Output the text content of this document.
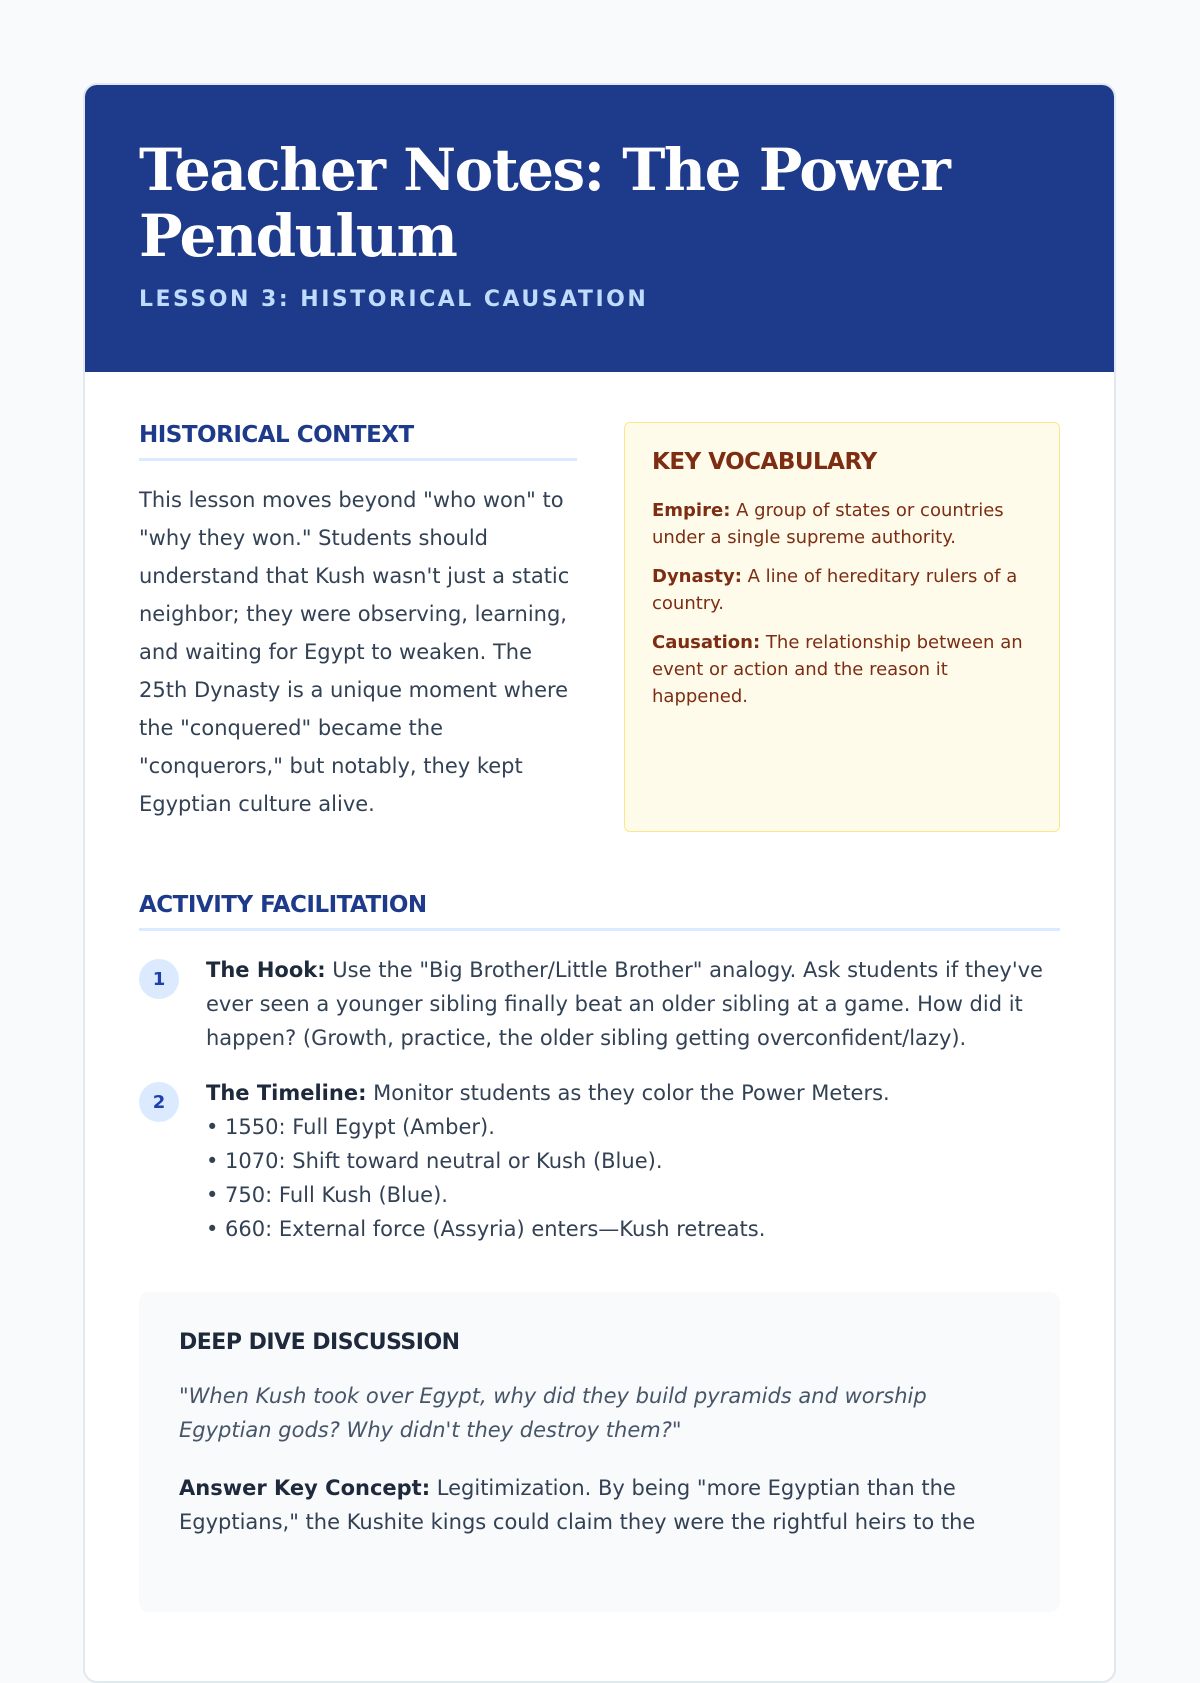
Teacher Notes: The Power Pendulum
LESSON 3: HISTORICAL CAUSATION
HISTORICAL CONTEXT
This lesson moves beyond "who won" to "why they won." Students should understand that Kush wasn't just a static neighbor; they were observing, learning, and waiting for Egypt to weaken. The 25th Dynasty is a unique moment where the "conquered" became the "conquerors," but notably, they kept Egyptian culture alive.
KEY VOCABULARY
Empire: A group of states or countries under a single supreme authority.
Dynasty: A line of hereditary rulers of a country.
Causation: The relationship between an event or action and the reason it happened.
ACTIVITY FACILITATION
1	The Hook: Use the "Big Brother/Little Brother" analogy. Ask students if they've ever seen a younger sibling finally beat an older sibling at a game. How did it happen? (Growth, practice, the older sibling getting overconfident/lazy).
2	The Timeline: Monitor students as they color the Power Meters.
• 1550: Full Egypt (Amber).
• 1070: Shift toward neutral or Kush (Blue).
• 750: Full Kush (Blue).
• 660: External force (Assyria) enters—Kush retreats.
DEEP DIVE DISCUSSION
"When Kush took over Egypt, why did they build pyramids and worship Egyptian gods? Why didn't they destroy them?"
Answer Key Concept: Legitimization. By being "more Egyptian than the Egyptians," the Kushite kings could claim they were the rightful heirs to the
